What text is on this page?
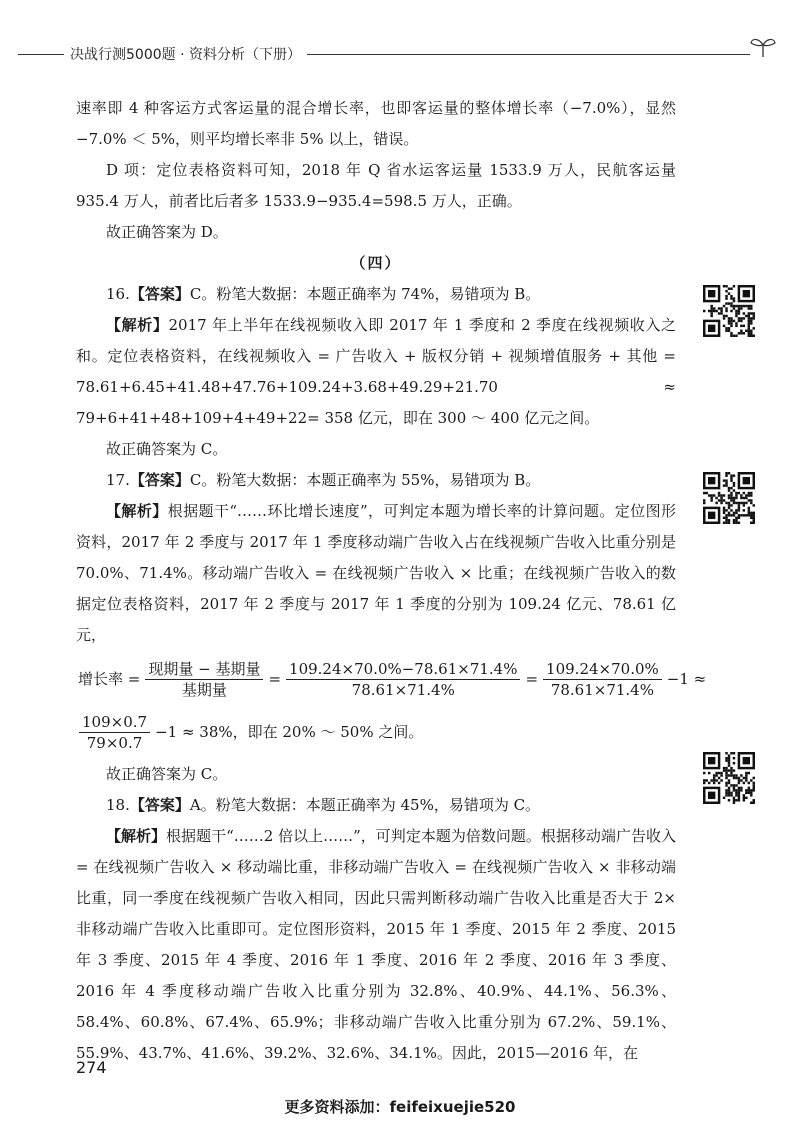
决战行测5000题 · 资料分析（下册）

速率即 4 种客运方式客运量的混合增长率，也即客运量的整体增长率（−7.0%），显然 −7.0% ＜ 5%，则平均增长率非 5% 以上，错误。

D 项：定位表格资料可知，2018 年 Q 省水运客运量 1533.9 万人，民航客运量 935.4 万人，前者比后者多 1533.9−935.4=598.5 万人，正确。

故正确答案为 D。

（四）

16.【答案】C。粉笔大数据：本题正确率为 74%，易错项为 B。

【解析】2017 年上半年在线视频收入即 2017 年 1 季度和 2 季度在线视频收入之和。定位表格资料，在线视频收入 = 广告收入 + 版权分销 + 视频增值服务 + 其他 = 78.61+6.45+41.48+47.76+109.24+3.68+49.29+21.70 ≈ 79+6+41+48+109+4+49+22= 358 亿元，即在 300 ～ 400 亿元之间。

故正确答案为 C。

17.【答案】C。粉笔大数据：本题正确率为 55%，易错项为 B。

【解析】根据题干“……环比增长速度”，可判定本题为增长率的计算问题。定位图形资料，2017 年 2 季度与 2017 年 1 季度移动端广告收入占在线视频广告收入比重分别是 70.0%、71.4%。移动端广告收入 = 在线视频广告收入 × 比重；在线视频广告收入的数据定位表格资料，2017 年 2 季度与 2017 年 1 季度的分别为 109.24 亿元、78.61 亿元，

增长率 = $\frac{\text{现期量 − 基期量}}{\text{基期量}} = \frac{109.24\times 70.0\%-78.61\times 71.4\%}{78.61\times 71.4\%} = \frac{109.24\times 70.0\%}{78.61\times 71.4\%} -1$ ≈
$\frac{109\times 0.7}{79\times 0.7} -1 \approx 38\%$，即在 20% ～ 50% 之间。

故正确答案为 C。

18.【答案】A。粉笔大数据：本题正确率为 45%，易错项为 C。

【解析】根据题干“……2 倍以上……”，可判定本题为倍数问题。根据移动端广告收入 = 在线视频广告收入 × 移动端比重，非移动端广告收入 = 在线视频广告收入 × 非移动端比重，同一季度在线视频广告收入相同，因此只需判断移动端广告收入比重是否大于 2× 非移动端广告收入比重即可。定位图形资料，2015 年 1 季度、2015 年 2 季度、2015 年 3 季度、2015 年 4 季度、2016 年 1 季度、2016 年 2 季度、2016 年 3 季度、2016 年 4 季度移动端广告收入比重分别为 32.8%、40.9%、44.1%、56.3%、58.4%、60.8%、67.4%、65.9%；非移动端广告收入比重分别为 67.2%、59.1%、55.9%、43.7%、41.6%、39.2%、32.6%、34.1%。因此，2015—2016 年，在

274
更多资料添加：feifeixuejie520
